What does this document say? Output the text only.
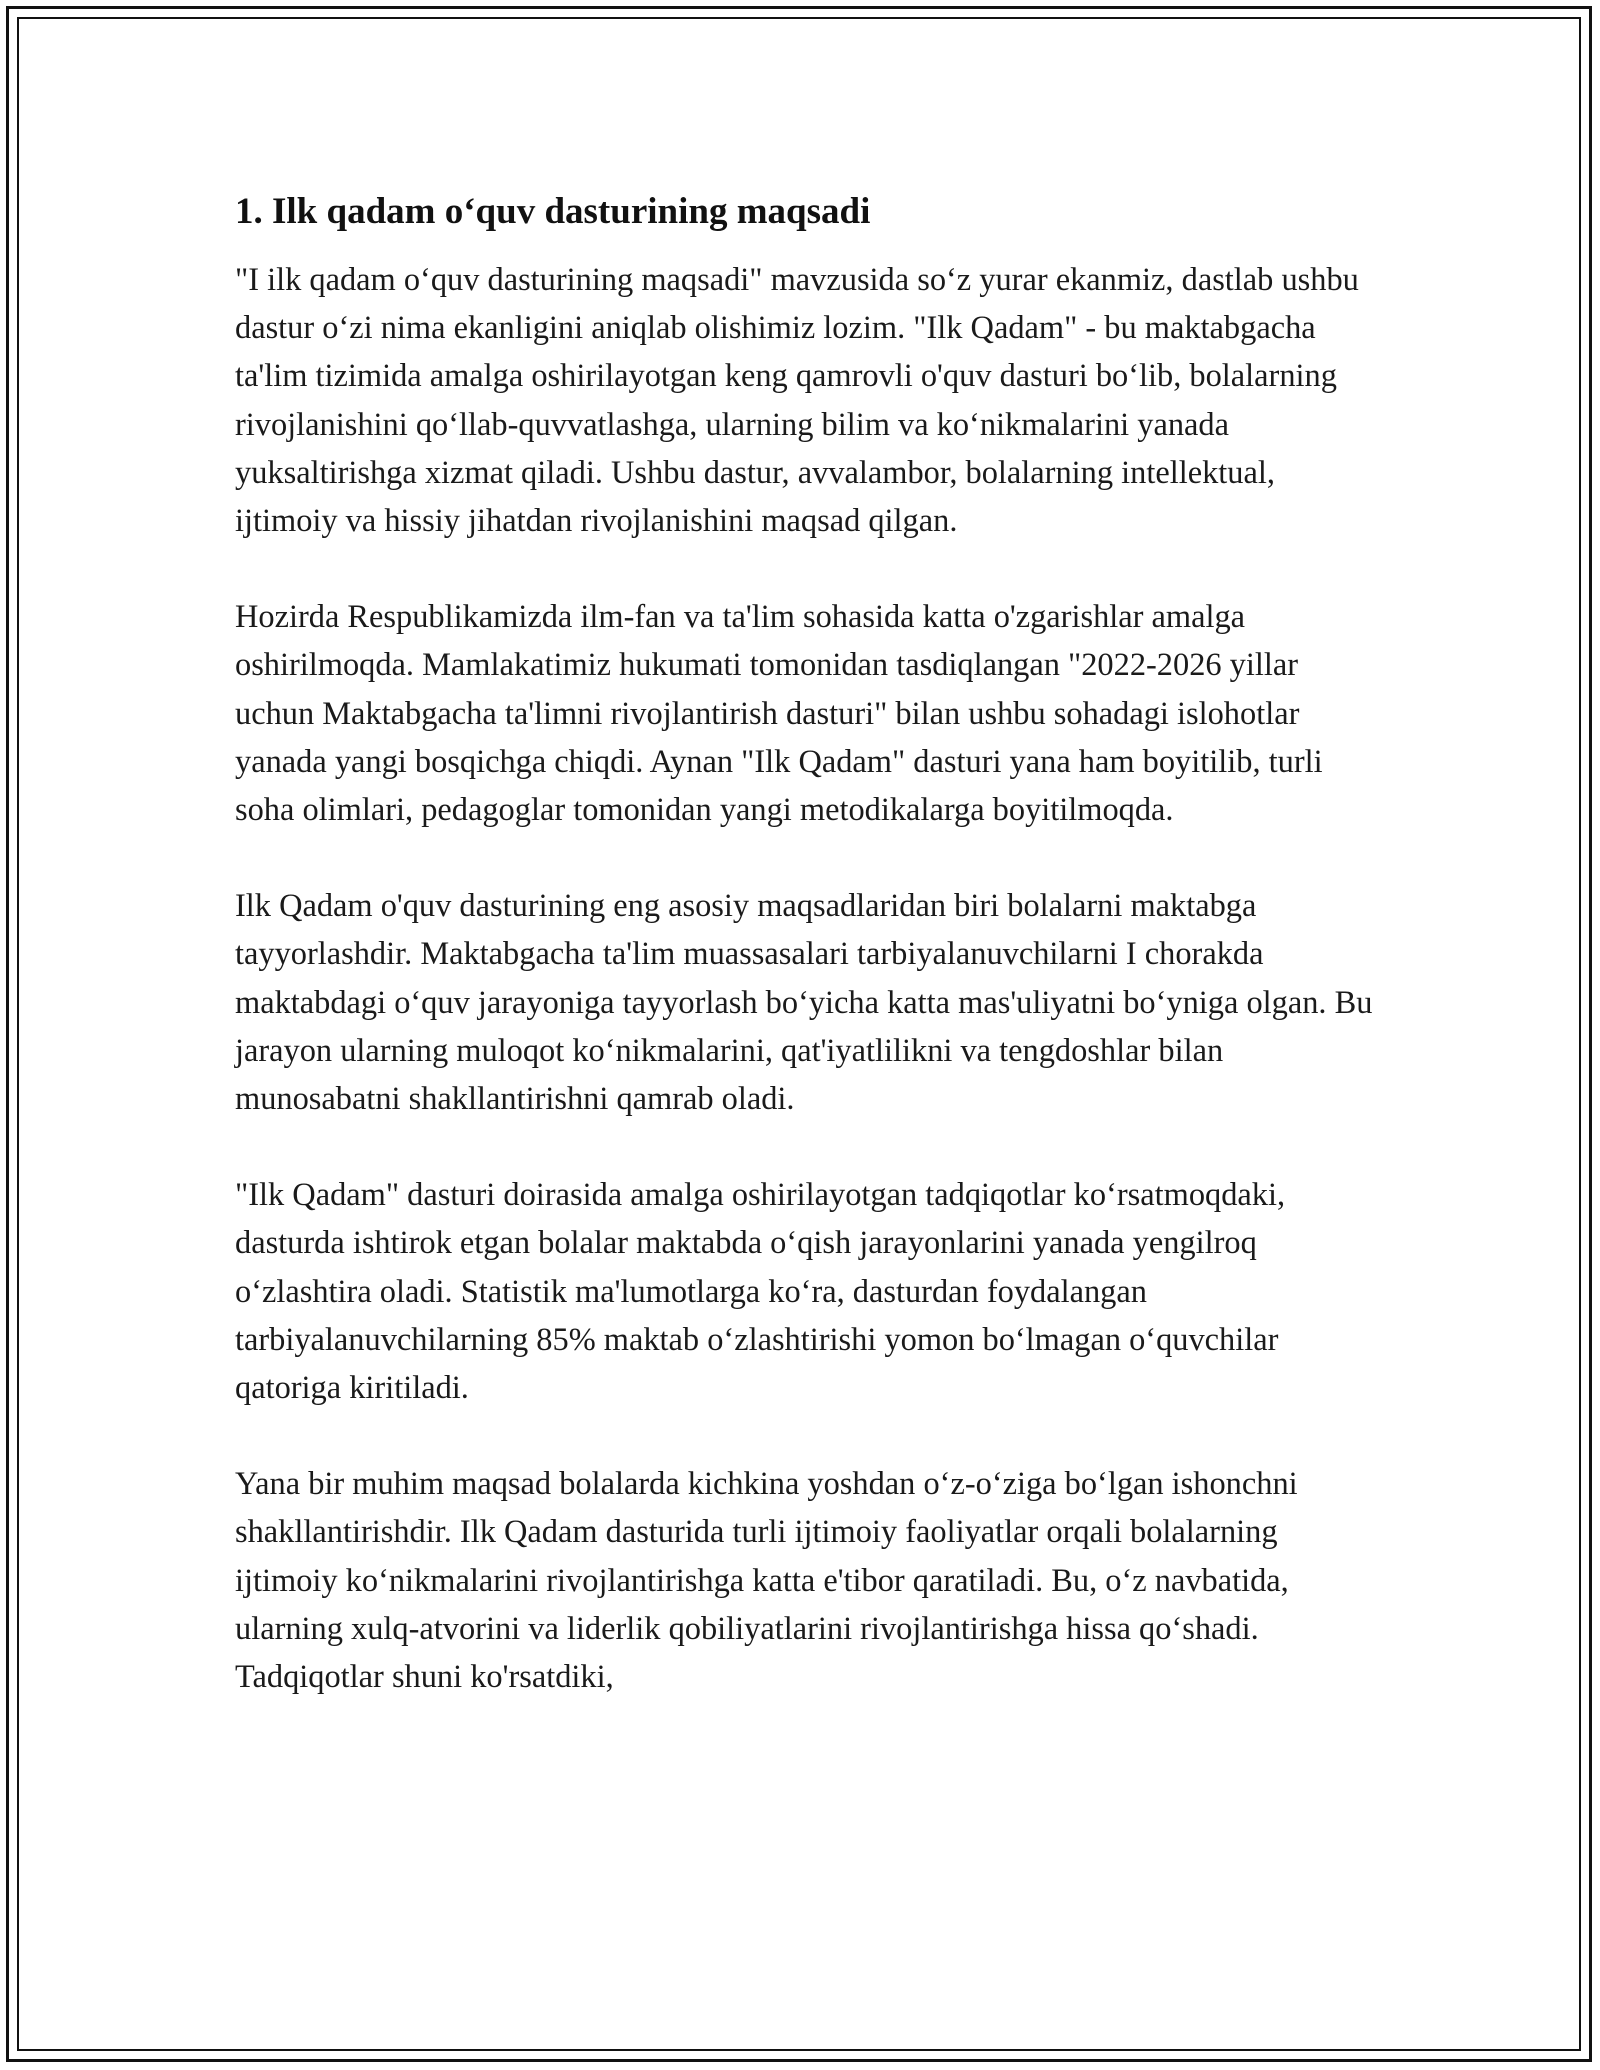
1. Ilk qadam o‘quv dasturining maqsadi

"I ilk qadam o‘quv dasturining maqsadi" mavzusida so‘z yurar ekanmiz, dastlab ushbu dastur o‘zi nima ekanligini aniqlab olishimiz lozim. "Ilk Qadam" - bu maktabgacha ta'lim tizimida amalga oshirilayotgan keng qamrovli o'quv dasturi bo‘lib, bolalarning rivojlanishini qo‘llab-quvvatlashga, ularning bilim va ko‘nikmalarini yanada yuksaltirishga xizmat qiladi. Ushbu dastur, avvalambor, bolalarning intellektual, ijtimoiy va hissiy jihatdan rivojlanishini maqsad qilgan.

Hozirda Respublikamizda ilm-fan va ta'lim sohasida katta o'zgarishlar amalga oshirilmoqda. Mamlakatimiz hukumati tomonidan tasdiqlangan "2022-2026 yillar uchun Maktabgacha ta'limni rivojlantirish dasturi" bilan ushbu sohadagi islohotlar yanada yangi bosqichga chiqdi. Aynan "Ilk Qadam" dasturi yana ham boyitilib, turli soha olimlari, pedagoglar tomonidan yangi metodikalarga boyitilmoqda.

Ilk Qadam o'quv dasturining eng asosiy maqsadlaridan biri bolalarni maktabga tayyorlashdir. Maktabgacha ta'lim muassasalari tarbiyalanuvchilarni I chorakda maktabdagi o‘quv jarayoniga tayyorlash bo‘yicha katta mas'uliyatni bo‘yniga olgan. Bu jarayon ularning muloqot ko‘nikmalarini, qat'iyatlilikni va tengdoshlar bilan munosabatni shakllantirishni qamrab oladi.

"Ilk Qadam" dasturi doirasida amalga oshirilayotgan tadqiqotlar ko‘rsatmoqdaki, dasturda ishtirok etgan bolalar maktabda o‘qish jarayonlarini yanada yengilroq o‘zlashtira oladi. Statistik ma'lumotlarga ko‘ra, dasturdan foydalangan tarbiyalanuvchilarning 85% maktab o‘zlashtirishi yomon bo‘lmagan o‘quvchilar qatoriga kiritiladi.

Yana bir muhim maqsad bolalarda kichkina yoshdan o‘z-o‘ziga bo‘lgan ishonchni shakllantirishdir. Ilk Qadam dasturida turli ijtimoiy faoliyatlar orqali bolalarning ijtimoiy ko‘nikmalarini rivojlantirishga katta e'tibor qaratiladi. Bu, o‘z navbatida, ularning xulq-atvorini va liderlik qobiliyatlarini rivojlantirishga hissa qo‘shadi. Tadqiqotlar shuni ko'rsatdiki,
